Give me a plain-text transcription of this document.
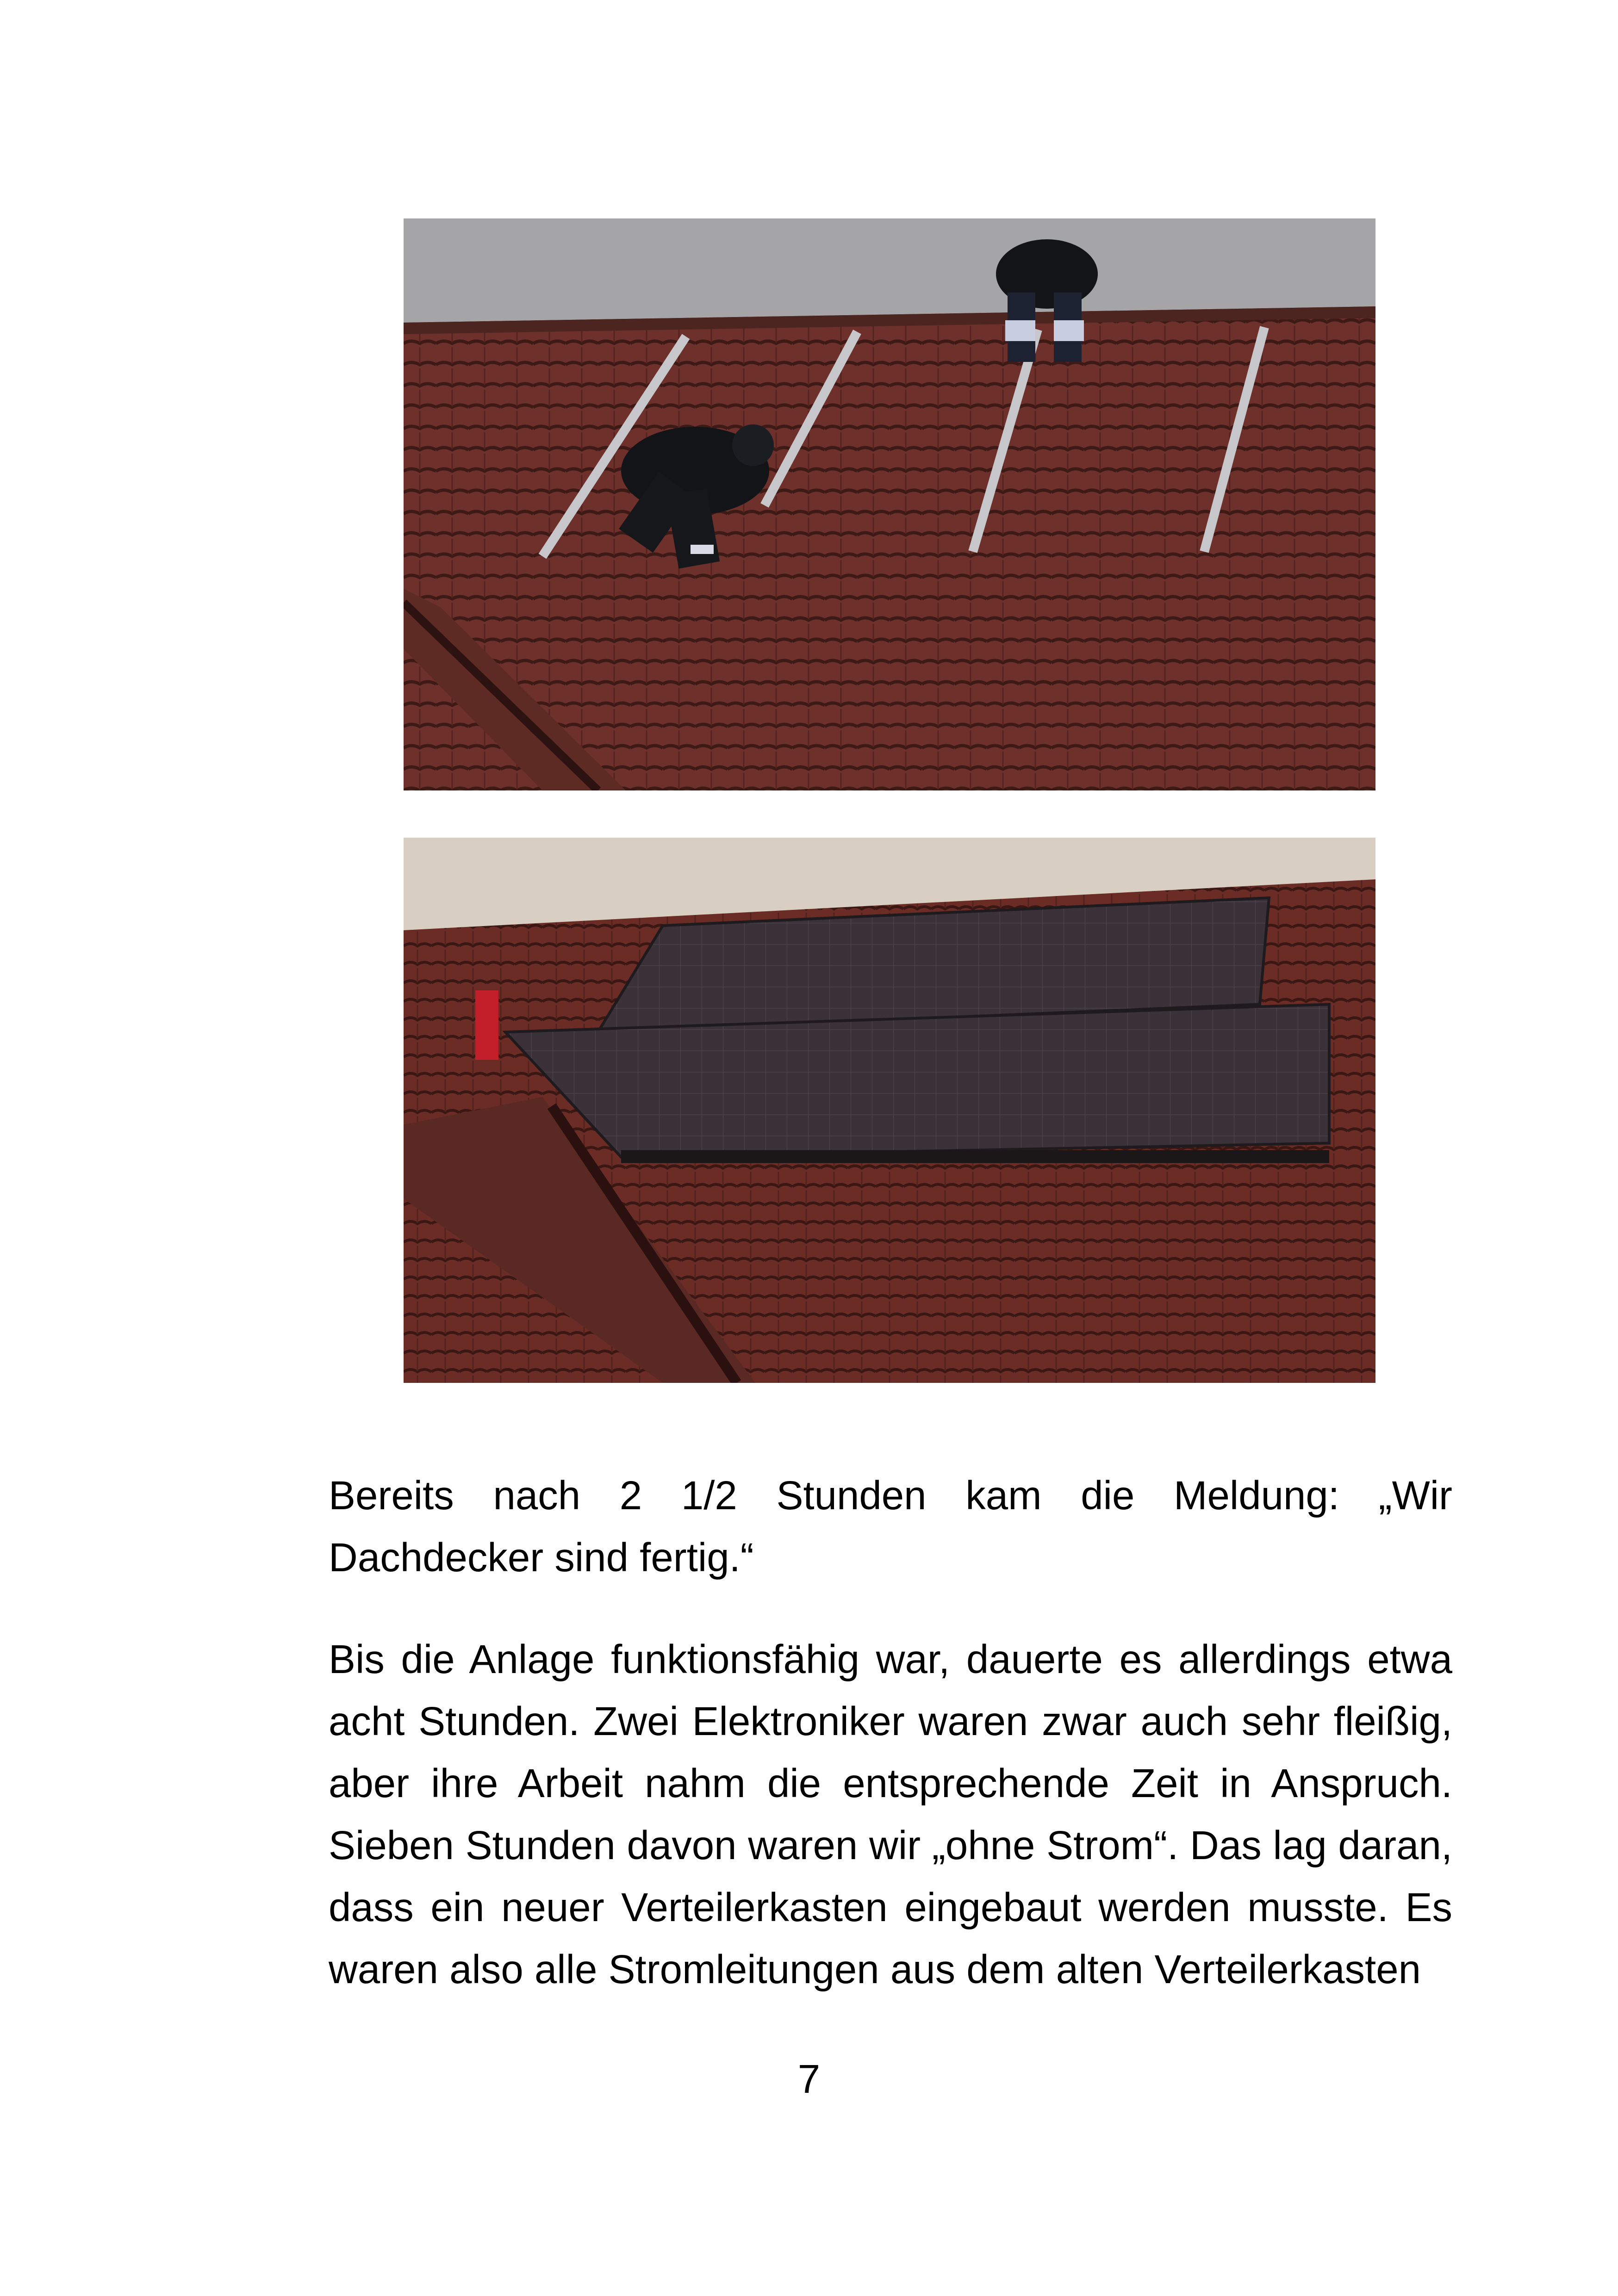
Bereits nach 2 1/2 Stunden kam die Meldung: „Wir Dachdecker sind fertig.“

Bis die Anlage funktionsfähig war, dauerte es allerdings etwa acht Stunden. Zwei Elektroniker waren zwar auch sehr fleißig, aber ihre Arbeit nahm die entsprechende Zeit in Anspruch. Sieben Stunden davon waren wir „ohne Strom“. Das lag daran, dass ein neuer Verteilerkasten eingebaut werden musste. Es waren also alle Stromleitungen aus dem alten Verteilerkasten

7
